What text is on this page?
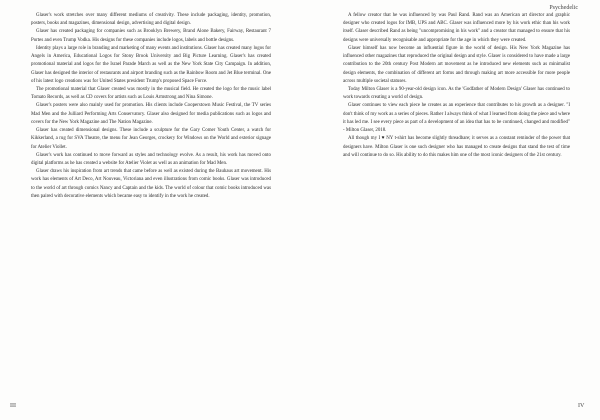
Glaser's work stretches over many different mediums of creativity. These include packaging, identity, promotion, posters, books and magazines, dimensional design, advertising and digital design.

Glaser has created packaging for companies such as Brooklyn Brewery, Brand Alone Bakery, Fairway, Restaurant 7 Portes and even Trump Vodka. His designs for these companies include logos, labels and bottle designs.

Identity plays a large role in branding and marketing of many events and institutions. Glaser has created many logos for Angels in America, Educational Logos for Stony Brook University and Big Picture Learning. Glaser's has created promotional material and logos for the Israel Parade March as well as the New York State City Campaign. In addition, Glaser has designed the interior of restaurants and airport branding such as the Rainbow Room and Jet Blue terminal. One of his latest logo creations was for United States president Trump's proposed Space Force.

The promotional material that Glaser created was mostly in the musical field. He created the logo for the music label Tomato Records, as well as CD covers for artists such as Louis Armstrong and Nina Simone.

Glaser's posters were also mainly used for promotion. His clients include Cooperstown Music Festival, the TV series Mad Men and the Julliard Performing Arts Conservatory. Glaser also designed for media publications such as logos and covers for the New York Magazine and The Nation Magazine.

Glaser has created dimensional designs. These include a sculpture for the Gary Comer Youth Center, a watch for Kikkerland, a rug for SVA Theatre, the menu for Jean Georges, crockery for Windows on the World and exterior signage for Atelier Viollet.

Glaser's work has continued to move forward as styles and technology evolve. As a result, his work has moved onto digital platforms as he has created a website for Atelier Violet as well as an animation for Mad Men.

Glaser draws his inspiration from art trends that came before as well as existed during the Bauhaus art movement. His work has elements of Art Deco, Art Nouveau, Victoriana and even illustrations from comic books. Glaser was introduced to the world of art through comics Nancy and Captain and the kids. The world of colour that comic books introduced was then paired with decorative elements which became easy to identify in the work he created.

Psychedelic

A fellow creator that he was influenced by was Paul Rand. Rand was an American art director and graphic designer who created logos for IMB, UPS and ABC. Glaser was influenced more by his work ethic than his work itself. Glaser described Rand as being "uncompromising in his work" and a creator that managed to ensure that his designs were universally recognisable and appropriate for the age in which they were created.

Glaser himself has now become an influential figure in the world of design. His New York Magazine has influenced other magazines that reproduced the original design and style. Glaser is considered to have made a large contribution to the 20th century Post Modern art movement as he introduced new elements such as minimalist design elements, the combination of different art forms and through making art more accessible for more people across multiple societal statuses.

Today Milton Glaser is a 90-year-old design icon. As the 'Godfather of Modern Design' Glaser has continued to work towards creating a world of design.

Glaser continues to view each piece he creates as an experience that contributes to his growth as a designer. "I don't think of my work as a series of pieces. Rather I always think of what I learned from doing the piece and where it has led me. I see every piece as part of a development of an idea that has to be continued, changed and modified" - Milton Glaser, 2018.

All though my I ♥ NY t-shirt has become slightly threadbare; it serves as a constant reminder of the power that designers have. Milton Glaser is one such designer who has managed to create designs that stand the test of time and will continue to do so. His ability to do this makes him one of the most iconic designers of the 21st century.

III	IV
